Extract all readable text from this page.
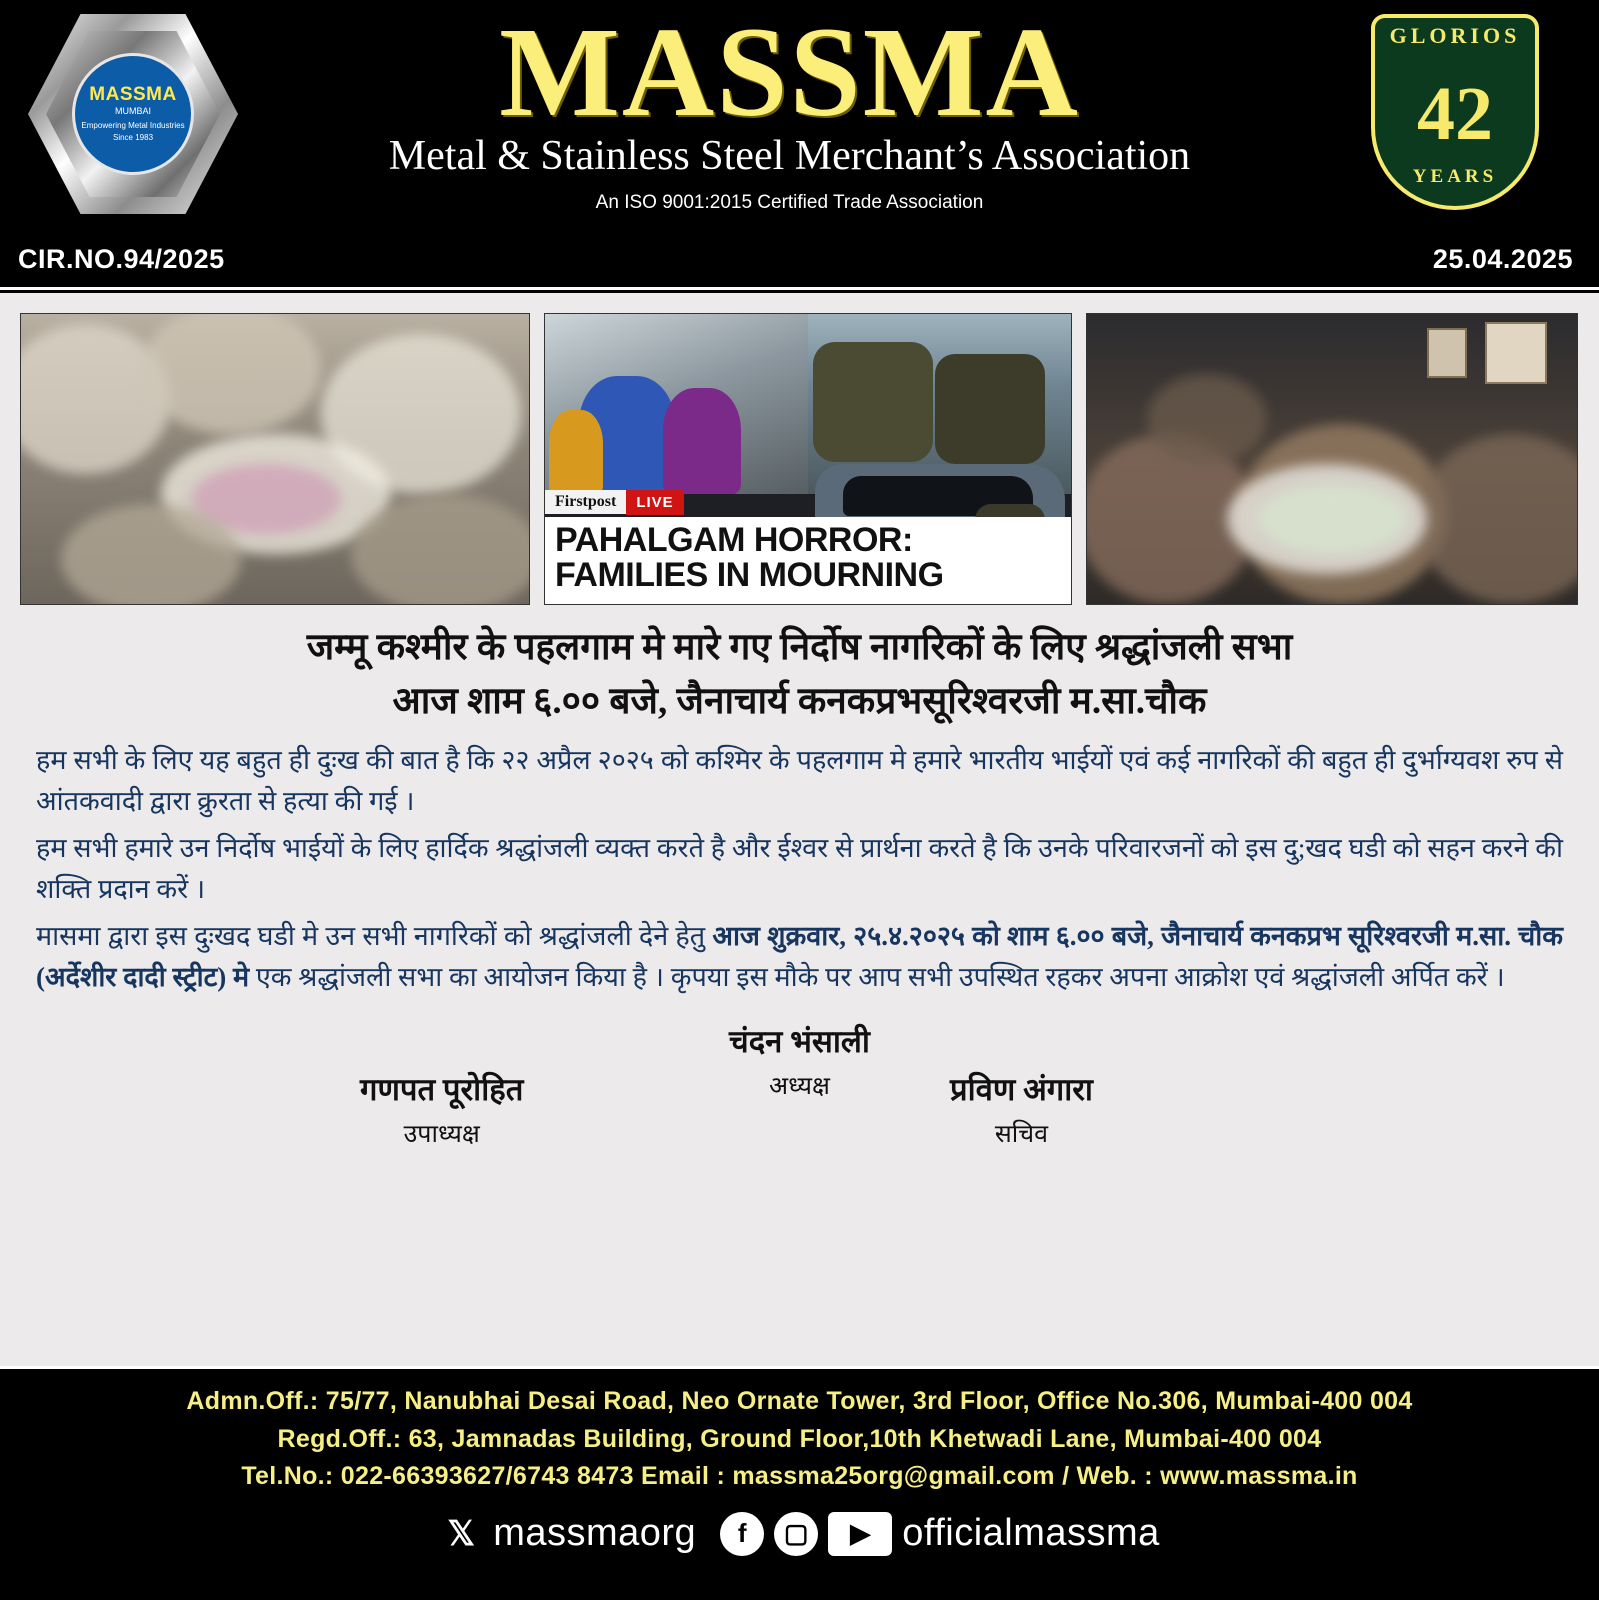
MASSMA
MUMBAI
Empowering Metal Industries
Since 1983	MASSMA
Metal & Stainless Steel Merchant’s Association
An ISO 9001:2015 Certified Trade Association
42
GLORIOS
YEARS
CIR.NO.94/2025	25.04.2025
Firstpost	LIVE
PAHALGAM HORROR:
FAMILIES IN MOURNING
जम्मू कश्मीर के पहलगाम मे मारे गए निर्दोष नागरिकों के लिए श्रद्धांजली सभा
आज शाम ६.०० बजे, जैनाचार्य कनकप्रभसूरिश्वरजी म.सा.चौक

हम सभी के लिए यह बहुत ही दुःख की बात है कि २२ अप्रैल २०२५ को कश्मिर के पहलगाम मे हमारे भारतीय भाईयों एवं कई नागरिकों की बहुत ही दुर्भाग्यवश रुप से आंतकवादी द्वारा क्रुरता से हत्या की गई ।

हम सभी हमारे उन निर्दोष भाईयों के लिए हार्दिक श्रद्धांजली व्यक्त करते है और ईश्वर से प्रार्थना करते है कि उनके परिवारजनों को इस दु;खद घडी को सहन करने की शक्ति प्रदान करें ।

मासमा द्वारा इस दुःखद घडी मे उन सभी नागरिकों को श्रद्धांजली देने हेतु आज शुक्रवार, २५.४.२०२५ को शाम ६.०० बजे, जैनाचार्य कनकप्रभ सूरिश्वरजी म.सा. चौक (अर्देशीर दादी स्ट्रीट) मे एक श्रद्धांजली सभा का आयोजन किया है । कृपया इस मौके पर आप सभी उपस्थित रहकर अपना आक्रोश एवं श्रद्धांजली अर्पित करें ।

चंदन भंसाली
अध्यक्ष
गणपत पूरोहित
उपाध्यक्ष
प्रविण अंगारा
सचिव
Admn.Off.: 75/77, Nanubhai Desai Road, Neo Ornate Tower, 3rd Floor, Office No.306, Mumbai-400 004
Regd.Off.: 63, Jamnadas Building, Ground Floor,10th Khetwadi Lane, Mumbai-400 004
Tel.No.: 022-66393627/6743 8473 Email : massma25org@gmail.com / Web. : www.massma.in
𝕏 massmaorg	f	▢	▶ officialmassma
